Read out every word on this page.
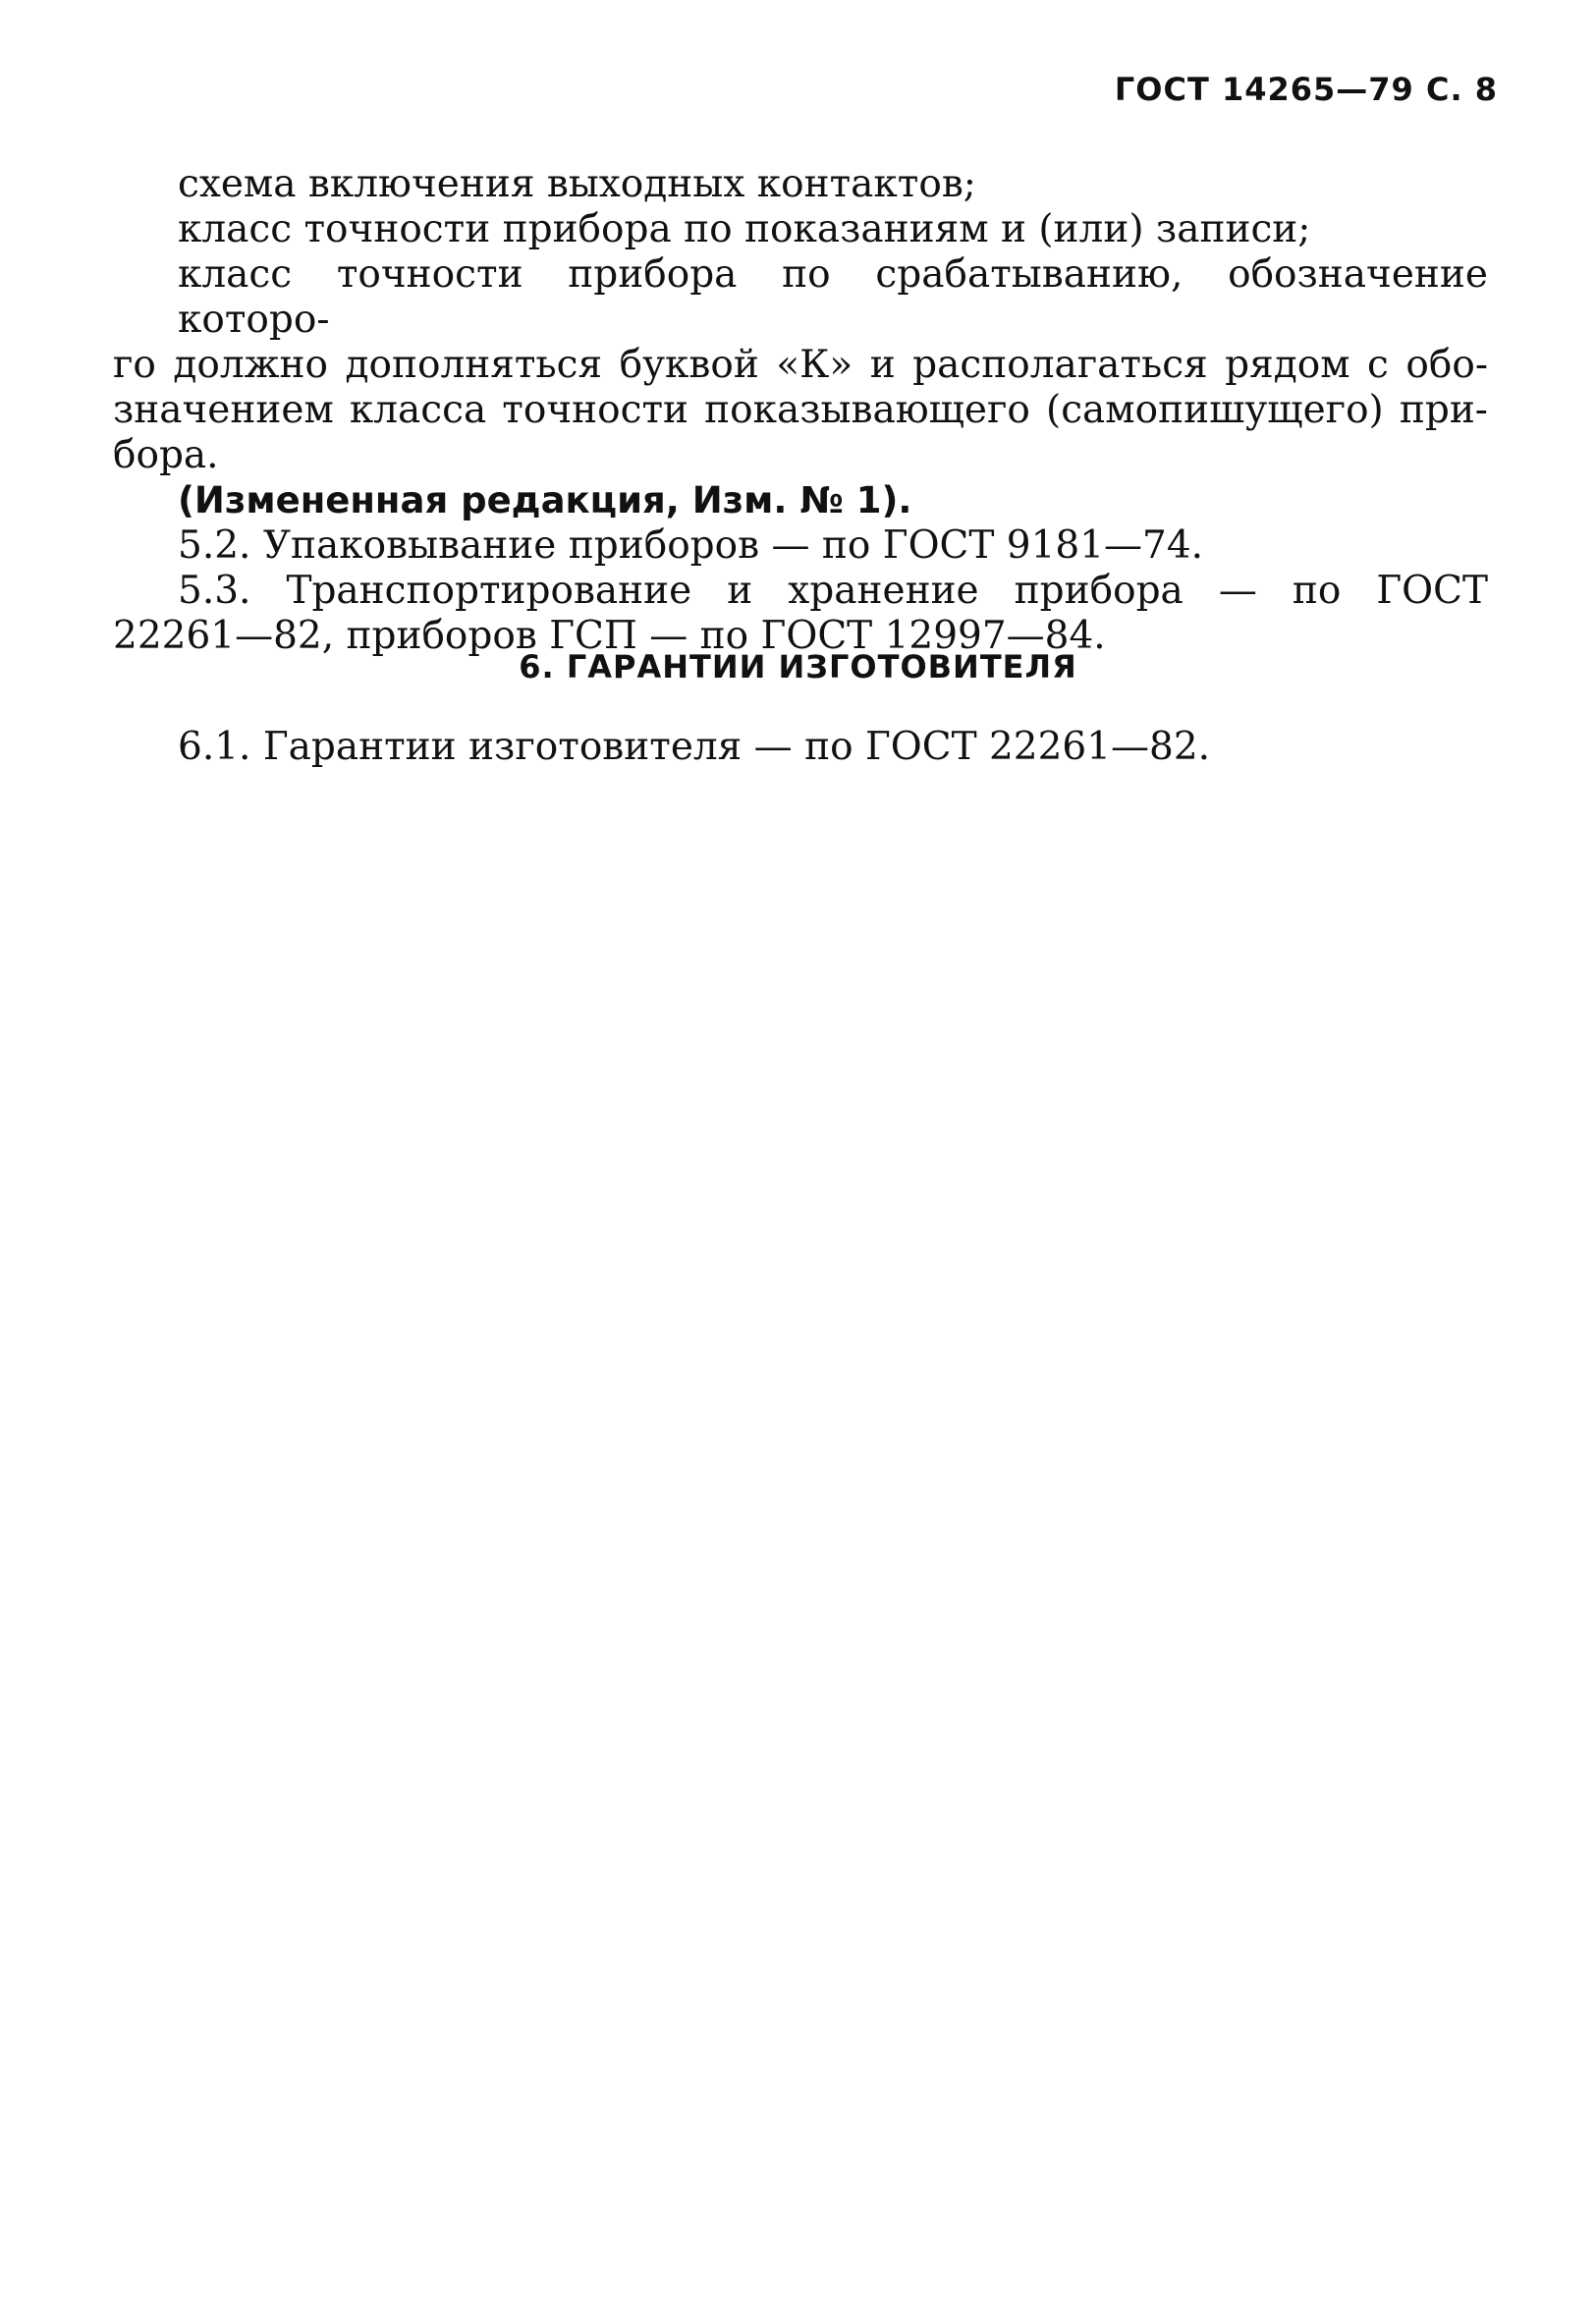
ГОСТ 14265—79 С. 8
схема включения выходных контактов;
класс точности прибора по показаниям и (или) записи;
класс точности прибора по срабатыванию, обозначение которо-
го должно дополняться буквой «К» и располагаться рядом с обо-
значением класса точности показывающего (самопишущего) при-
бора.
(Измененная редакция, Изм. № 1).
5.2. Упаковывание приборов — по ГОСТ 9181—74.
5.3. Транспортирование и хранение прибора — по ГОСТ
22261—82, приборов ГСП — по ГОСТ 12997—84.
6. ГАРАНТИИ ИЗГОТОВИТЕЛЯ
6.1. Гарантии изготовителя — по ГОСТ 22261—82.
